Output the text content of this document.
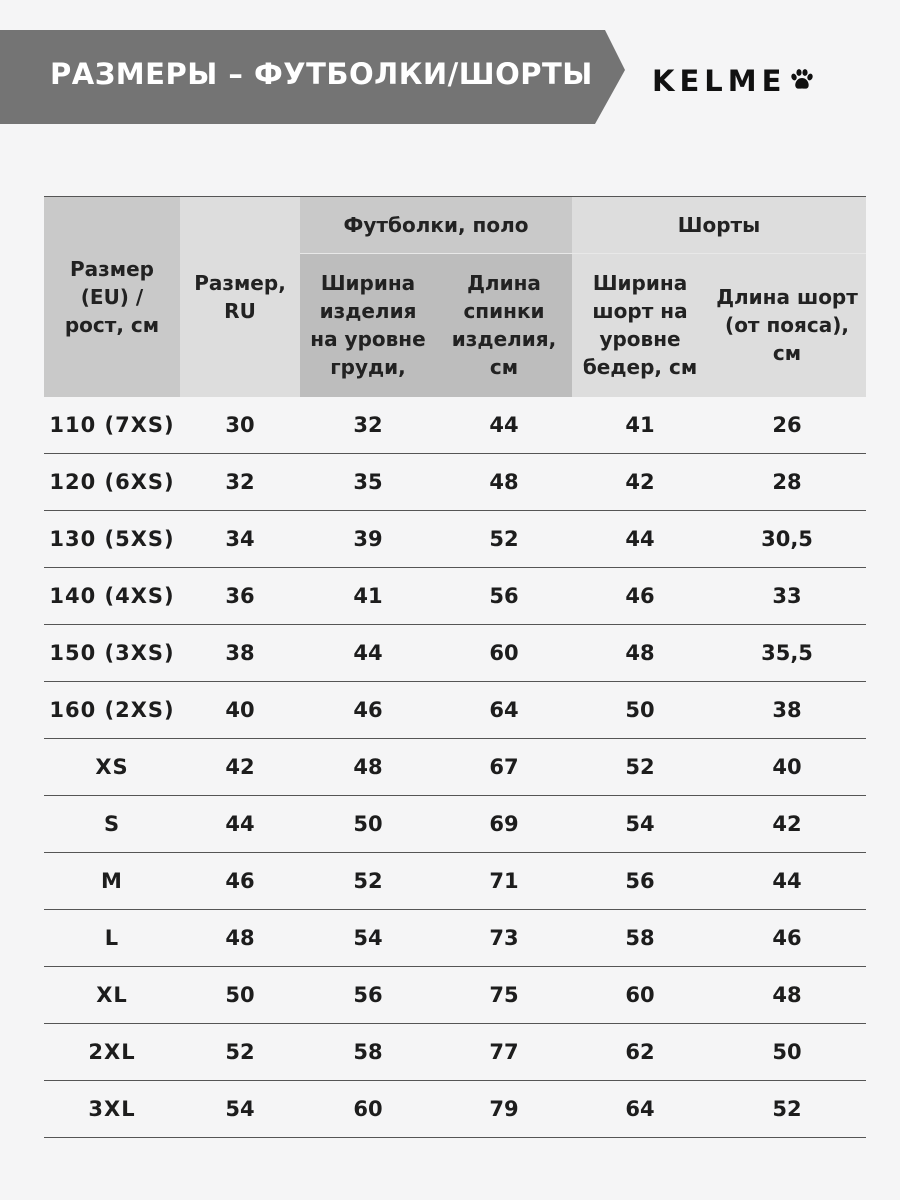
РАЗМЕРЫ – ФУТБОЛКИ/ШОРТЫ KELME
Размер (EU) / рост, см	Размер, RU	Футболки, поло		Шорты	
		Ширина изделия на уровне груди,	Длина спинки изделия, см	Ширина шорт на уровне бедер, см	Длина шорт (от пояса), см
110 (7XS)	30	32	44	41	26
120 (6XS)	32	35	48	42	28
130 (5XS)	34	39	52	44	30,5
140 (4XS)	36	41	56	46	33
150 (3XS)	38	44	60	48	35,5
160 (2XS)	40	46	64	50	38
XS	42	48	67	52	40
S	44	50	69	54	42
M	46	52	71	56	44
L	48	54	73	58	46
XL	50	56	75	60	48
2XL	52	58	77	62	50
3XL	54	60	79	64	52
